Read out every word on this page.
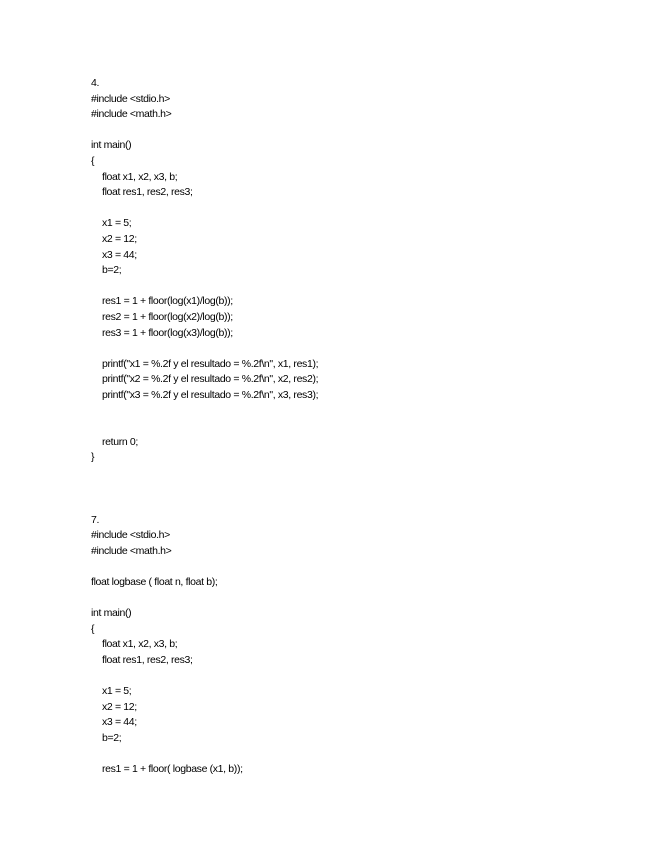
4.
#include <stdio.h>
#include <math.h>
int main()
{
float x1, x2, x3, b;
float res1, res2, res3;
x1 = 5;
x2 = 12;
x3 = 44;
b=2;
res1 = 1 + floor(log(x1)/log(b));
res2 = 1 + floor(log(x2)/log(b));
res3 = 1 + floor(log(x3)/log(b));
printf("x1 = %.2f y el resultado = %.2f\n", x1, res1);
printf("x2 = %.2f y el resultado = %.2f\n", x2, res2);
printf("x3 = %.2f y el resultado = %.2f\n", x3, res3);
return 0;
}
7.
#include <stdio.h>
#include <math.h>
float logbase ( float n, float b);
int main()
{
float x1, x2, x3, b;
float res1, res2, res3;
x1 = 5;
x2 = 12;
x3 = 44;
b=2;
res1 = 1 + floor( logbase (x1, b));
